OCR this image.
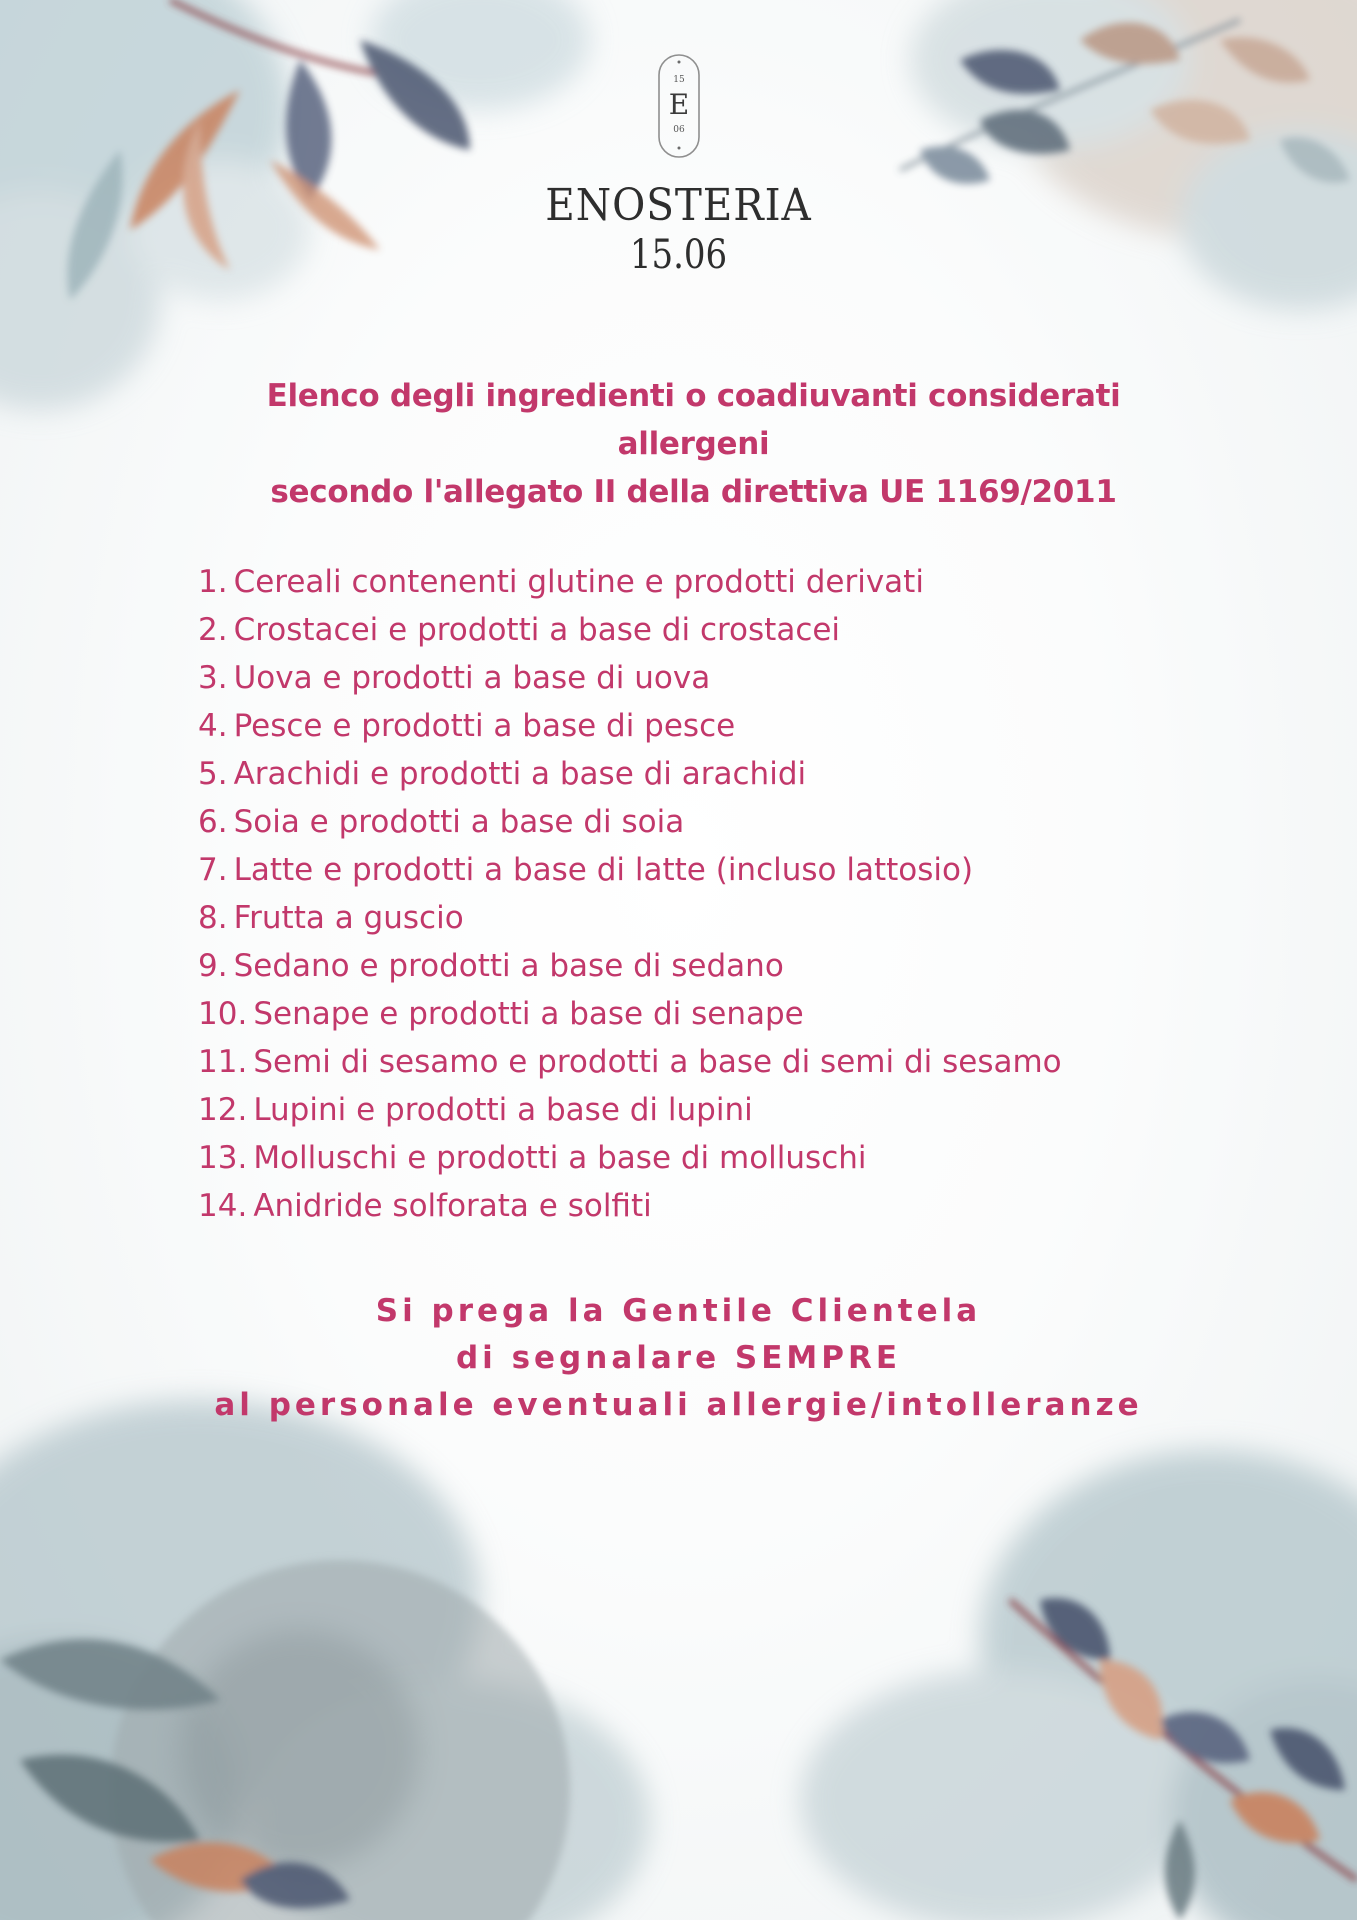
15
E
06
ENOSTERIA
15.06
Elenco degli ingredienti o coadiuvanti considerati
allergeni
secondo l'allegato II della direttiva UE 1169/2011
1. Cereali contenenti glutine e prodotti derivati
2. Crostacei e prodotti a base di crostacei
3. Uova e prodotti a base di uova
4. Pesce e prodotti a base di pesce
5. Arachidi e prodotti a base di arachidi
6. Soia e prodotti a base di soia
7. Latte e prodotti a base di latte (incluso lattosio)
8. Frutta a guscio
9. Sedano e prodotti a base di sedano
10. Senape e prodotti a base di senape
11. Semi di sesamo e prodotti a base di semi di sesamo
12. Lupini e prodotti a base di lupini
13. Molluschi e prodotti a base di molluschi
14. Anidride solforata e solfiti
Si prega la Gentile Clientela
di segnalare SEMPRE
al personale eventuali allergie/intolleranze
